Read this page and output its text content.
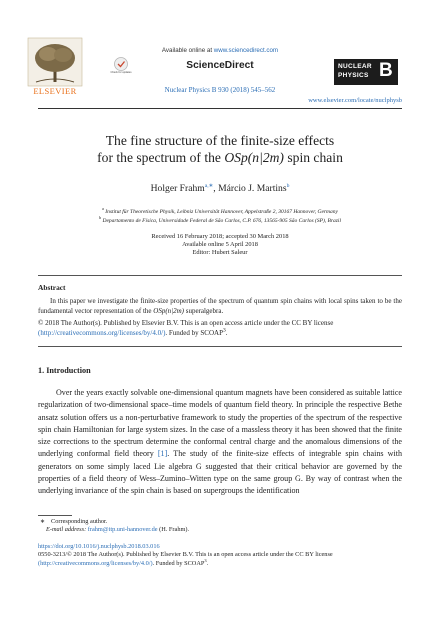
ELSEVIER
Available online at www.sciencedirect.com
Check for updates
ScienceDirect
Nuclear Physics B 930 (2018) 545–562
NUCLEAR
PHYSICS B
www.elsevier.com/locate/nuclphysb
The fine structure of the finite-size effects
for the spectrum of the OSp(n|2m) spin chain
Holger Frahm$^{a,∗}$, Márcio J. Martins$^b$
$^a$ Institut für Theoretische Physik, Leibniz Universität Hannover, Appelstraße 2, 30167 Hannover, Germany
$^b$ Departamento de Física, Universidade Federal de São Carlos, C.P. 676, 13565-905 São Carlos (SP), Brazil
Received 16 February 2018; accepted 30 March 2018
Available online 5 April 2018
Editor: Hubert Saleur
Abstract
In this paper we investigate the finite-size properties of the spectrum of quantum spin chains with local spins taken to be the fundamental vector representation of the OSp(n|2m) superalgebra.
© 2018 The Author(s). Published by Elsevier B.V. This is an open access article under the CC BY license
(http://creativecommons.org/licenses/by/4.0/). Funded by SCOAP$^3$.
1. Introduction
Over the years exactly solvable one-dimensional quantum magnets have been considered as suitable lattice regularization of two-dimensional space–time models of quantum field theory. In principle the respective Bethe ansatz solution offers us a non-perturbative framework to study the properties of the spectrum of the respective spin chain Hamiltonian for large system sizes. In the case of a massless theory it has been showed that the finite size corrections to the spectrum determine the conformal central charge and the anomalous dimensions of the underlying conformal field theory [1]. The study of the finite-size effects of integrable spin chains with generators on some simply laced Lie algebra G suggested that their critical behavior are governed by the properties of a field theory of Wess–Zumino–Witten type on the same group G. By way of contrast when the underlying invariance of the spin chain is based on supergroups the identification
∗ Corresponding author.
E-mail address: frahm@itp.uni-hannover.de (H. Frahm).
https://doi.org/10.1016/j.nuclphysb.2018.03.016
0550-3213/© 2018 The Author(s). Published by Elsevier B.V. This is an open access article under the CC BY license
(http://creativecommons.org/licenses/by/4.0/). Funded by SCOAP$^3$.
